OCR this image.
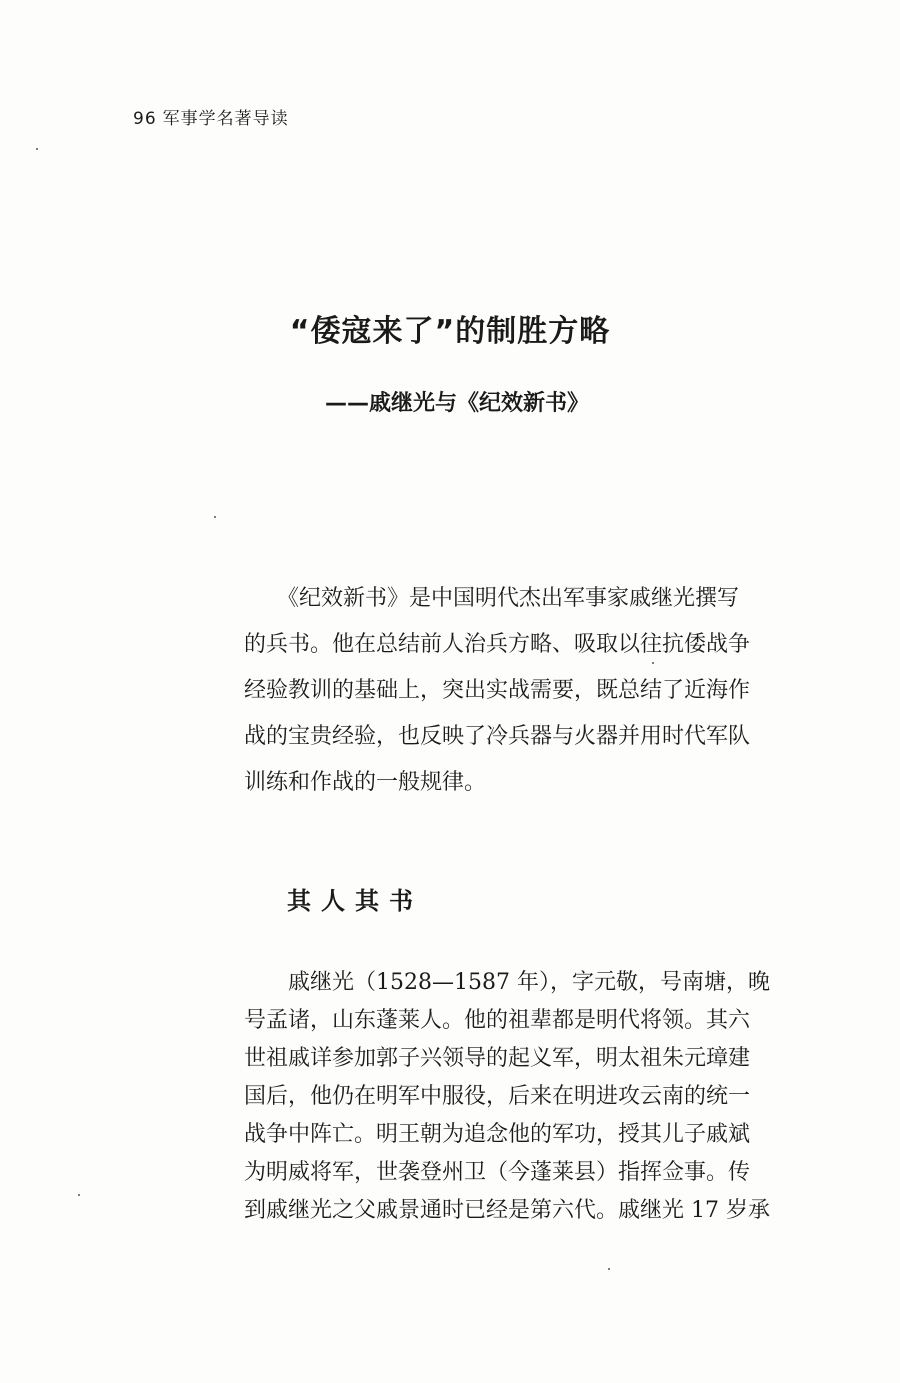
96 军事学名著导读
“倭寇来了”的制胜方略
——戚继光与《纪效新书》
　　《纪效新书》是中国明代杰出军事家戚继光撰写
的兵书。他在总结前人治兵方略、吸取以往抗倭战争
经验教训的基础上，突出实战需要，既总结了近海作
战的宝贵经验，也反映了冷兵器与火器并用时代军队
训练和作战的一般规律。
其人其书
　　戚继光（1528—1587 年），字元敬，号南塘，晚
号孟诸，山东蓬莱人。他的祖辈都是明代将领。其六
世祖戚详参加郭子兴领导的起义军，明太祖朱元璋建
国后，他仍在明军中服役，后来在明进攻云南的统一
战争中阵亡。明王朝为追念他的军功，授其儿子戚斌
为明威将军，世袭登州卫（今蓬莱县）指挥佥事。传
到戚继光之父戚景通时已经是第六代。戚继光 17 岁承
